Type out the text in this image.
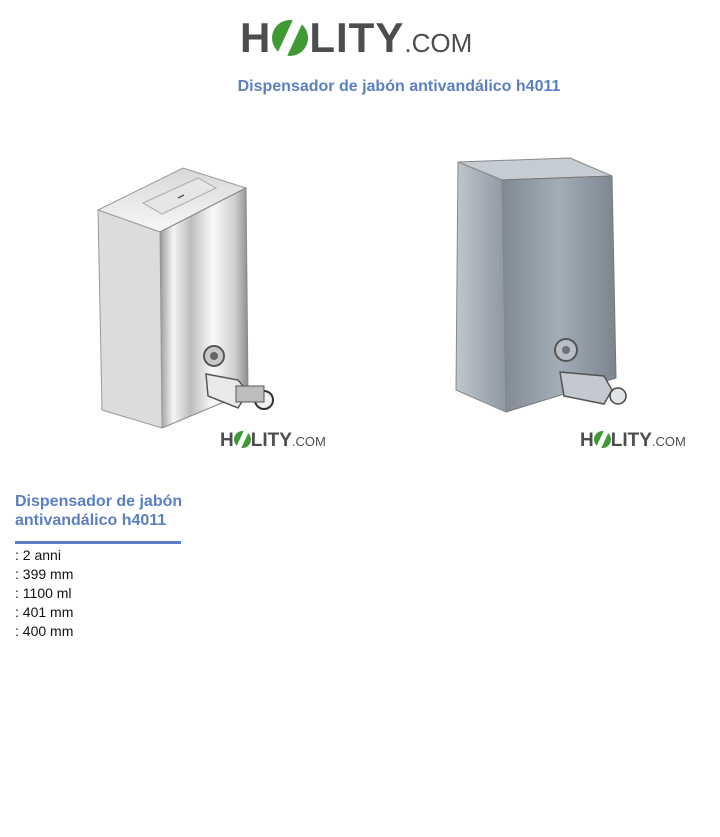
H LITY.COM
Dispensador de jabón antivandálico h4011
H LITY.COM	H LITY.COM
Dispensador de jabón antivandálico h4011
: 2 anni
: 399 mm
: 1100 ml
: 401 mm
: 400 mm
